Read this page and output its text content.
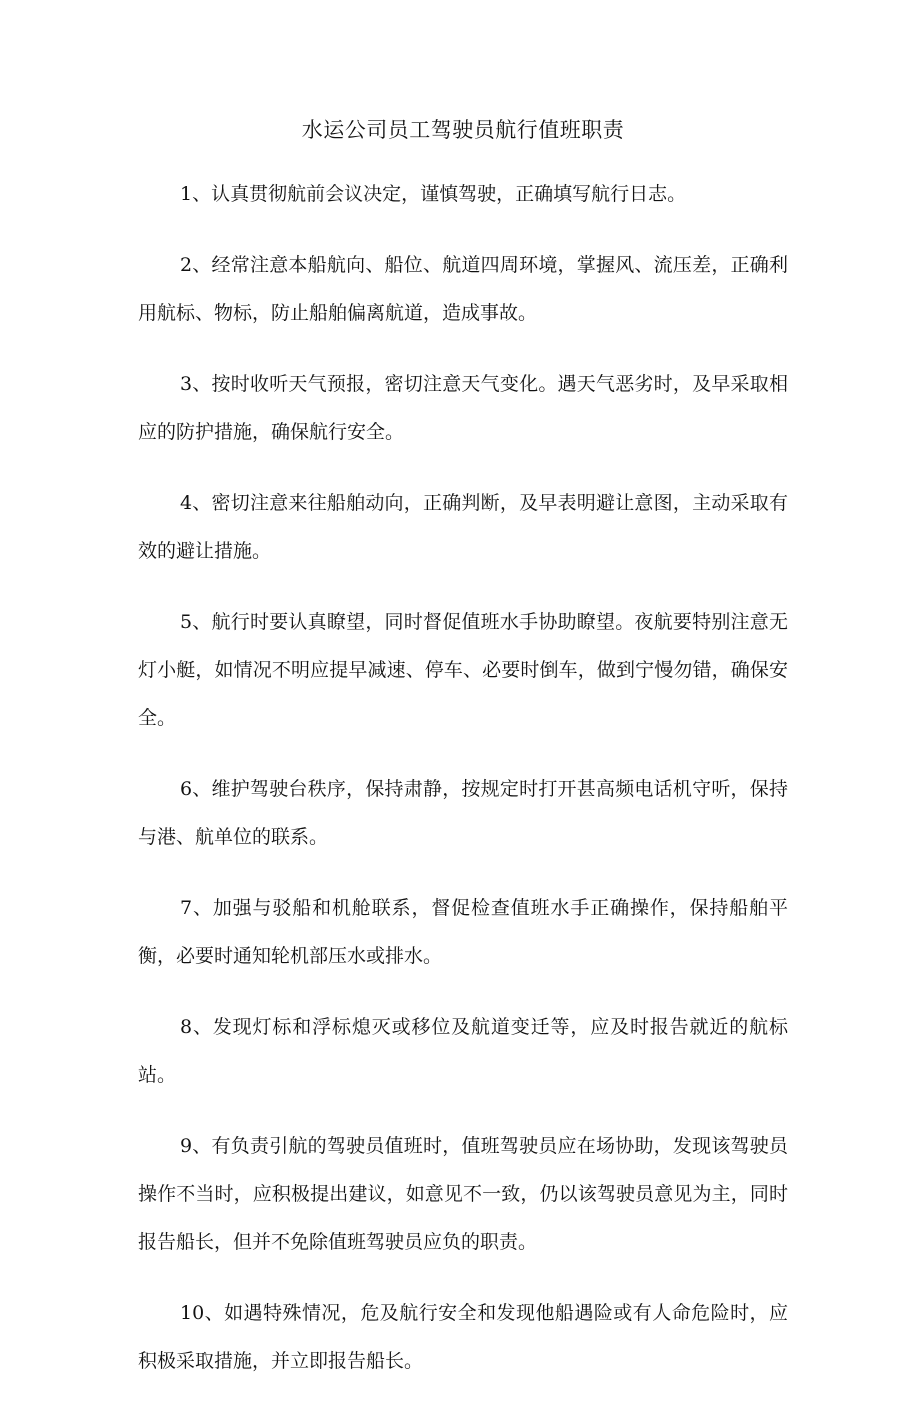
水运公司员工驾驶员航行值班职责

1、认真贯彻航前会议决定，谨慎驾驶，正确填写航行日志。

2、经常注意本船航向、船位、航道四周环境，掌握风、流压差，正确利用航标、物标，防止船舶偏离航道，造成事故。

3、按时收听天气预报，密切注意天气变化。遇天气恶劣时，及早采取相应的防护措施，确保航行安全。

4、密切注意来往船舶动向，正确判断，及早表明避让意图，主动采取有效的避让措施。

5、航行时要认真瞭望，同时督促值班水手协助瞭望。夜航要特别注意无灯小艇，如情况不明应提早减速、停车、必要时倒车，做到宁慢勿错，确保安全。

6、维护驾驶台秩序，保持肃静，按规定时打开甚高频电话机守听，保持与港、航单位的联系。

7、加强与驳船和机舱联系，督促检查值班水手正确操作，保持船舶平衡，必要时通知轮机部压水或排水。

8、发现灯标和浮标熄灭或移位及航道变迁等，应及时报告就近的航标站。

9、有负责引航的驾驶员值班时，值班驾驶员应在场协助，发现该驾驶员操作不当时，应积极提出建议，如意见不一致，仍以该驾驶员意见为主，同时报告船长，但并不免除值班驾驶员应负的职责。

10、如遇特殊情况，危及航行安全和发现他船遇险或有人命危险时，应积极采取措施，并立即报告船长。
